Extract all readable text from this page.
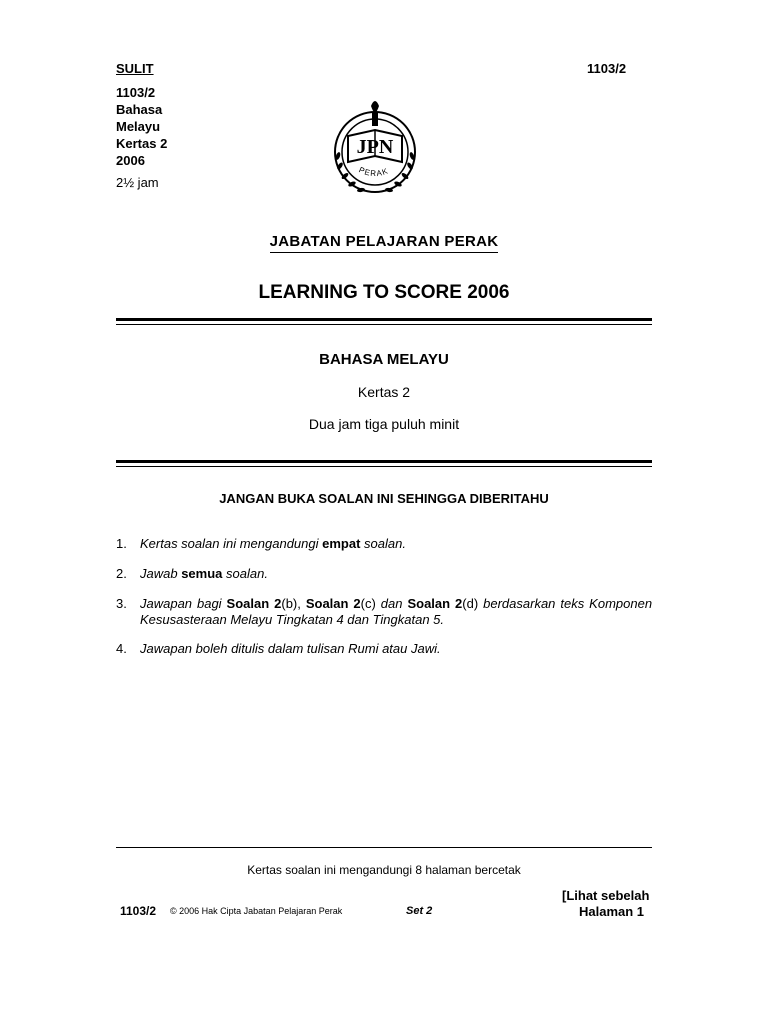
SULIT	1103/2
1103/2
Bahasa
Melayu
Kertas 2
2006
2½ jam
JPN
PERAK
JABATAN PELAJARAN PERAK
LEARNING TO SCORE 2006
BAHASA MELAYU
Kertas 2
Dua jam tiga puluh minit
JANGAN BUKA SOALAN INI SEHINGGA DIBERITAHU
1. Kertas soalan ini mengandungi empat soalan.
2. Jawab semua soalan.
3. Jawapan bagi Soalan 2(b), Soalan 2(c) dan Soalan 2(d) berdasarkan teks Komponen Kesusasteraan Melayu Tingkatan 4 dan Tingkatan 5.
4. Jawapan boleh ditulis dalam tulisan Rumi atau Jawi.
Kertas soalan ini mengandungi 8 halaman bercetak
[Lihat sebelah
1103/2 © 2006 Hak Cipta Jabatan Pelajaran Perak	Set 2	Halaman 1
